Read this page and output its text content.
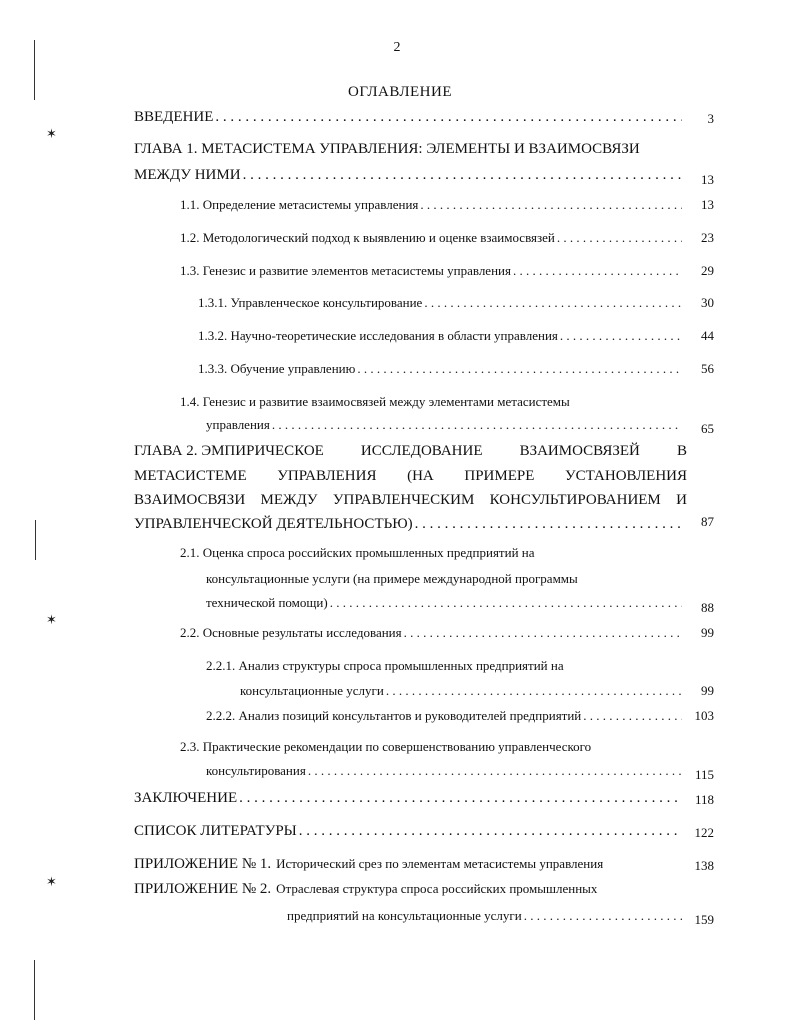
✶
✶
✶
2
ОГЛАВЛЕНИЕ
ВВЕДЕНИЕ . . .	3
ГЛАВА 1. МЕТАСИСТЕМА УПРАВЛЕНИЯ: ЭЛЕМЕНТЫ И ВЗАИМОСВЯЗИ
МЕЖДУ НИМИ . . .	13
1.1. Определение метасистемы управления . . .	13
1.2. Методологический подход к выявлению и оценке взаимосвязей . . .	23
1.3. Генезис и развитие элементов метасистемы управления . . .	29
1.3.1. Управленческое консультирование . . .	30
1.3.2. Научно-теоретические исследования в области управления . . .	44
1.3.3. Обучение управлению . . .	56
1.4. Генезис и развитие взаимосвязей между элементами метасистемы
управления . . .	65
ГЛАВА 2. ЭМПИРИЧЕСКОЕ ИССЛЕДОВАНИЕ ВЗАИМОСВЯЗЕЙ В
МЕТАСИСТЕМЕ УПРАВЛЕНИЯ (НА ПРИМЕРЕ УСТАНОВЛЕНИЯ
ВЗАИМОСВЯЗИ МЕЖДУ УПРАВЛЕНЧЕСКИМ КОНСУЛЬТИРОВАНИЕМ И
УПРАВЛЕНЧЕСКОЙ ДЕЯТЕЛЬНОСТЬЮ) . . .	87
2.1. Оценка спроса российских промышленных предприятий на
консультационные услуги (на примере международной программы
технической помощи) . . .	88
2.2. Основные результаты исследования . . .	99
2.2.1. Анализ структуры спроса промышленных предприятий на
консультационные услуги . . .	99
2.2.2. Анализ позиций консультантов и руководителей предприятий . . .	103
2.3. Практические рекомендации по совершенствованию управленческого
консультирования . . .	115
ЗАКЛЮЧЕНИЕ . . .	118
СПИСОК ЛИТЕРАТУРЫ . . .	122
ПРИЛОЖЕНИЕ № 1. Исторический срез по элементам метасистемы управления	138
ПРИЛОЖЕНИЕ № 2. Отраслевая структура спроса российских промышленных
предприятий на консультационные услуги . . .	159
